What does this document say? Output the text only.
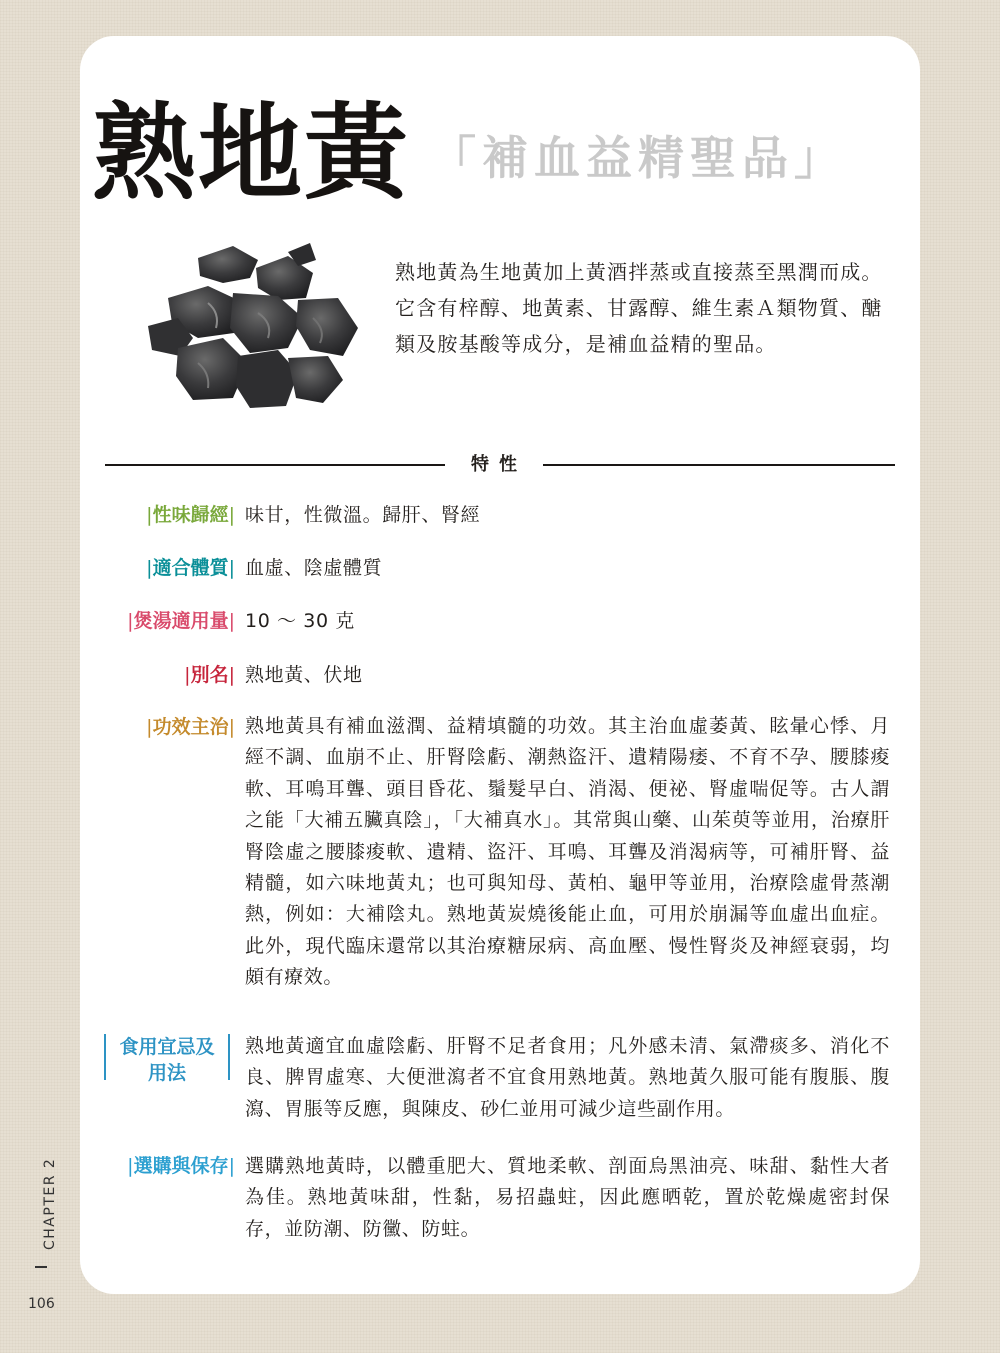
熟地黃 「補血益精聖品」

熟地黃為生地黃加上黃酒拌蒸或直接蒸至黑潤而成。它含有梓醇、地黃素、甘露醇、維生素Ａ類物質、醣類及胺基酸等成分，是補血益精的聖品。

特性
|性味歸經| 味甘，性微溫。歸肝、腎經
|適合體質| 血虛、陰虛體質
|煲湯適用量| 10 ～ 30 克
|別名| 熟地黃、伏地
|功效主治| 熟地黃具有補血滋潤、益精填髓的功效。其主治血虛萎黃、眩暈心悸、月經不調、血崩不止、肝腎陰虧、潮熱盜汗、遺精陽痿、不育不孕、腰膝痠軟、耳鳴耳聾、頭目昏花、鬚髮早白、消渴、便祕、腎虛喘促等。古人謂之能「大補五臟真陰」，「大補真水」。其常與山藥、山茱萸等並用，治療肝腎陰虛之腰膝痠軟、遺精、盜汗、耳鳴、耳聾及消渴病等，可補肝腎、益精髓，如六味地黃丸；也可與知母、黃柏、龜甲等並用，治療陰虛骨蒸潮熱，例如：大補陰丸。熟地黃炭燒後能止血，可用於崩漏等血虛出血症。此外，現代臨床還常以其治療糖尿病、高血壓、慢性腎炎及神經衰弱，均頗有療效。
食用宜忌及
用法
熟地黃適宜血虛陰虧、肝腎不足者食用；凡外感未清、氣滯痰多、消化不良、脾胃虛寒、大便泄瀉者不宜食用熟地黃。熟地黃久服可能有腹脹、腹瀉、胃脹等反應，與陳皮、砂仁並用可減少這些副作用。
|選購與保存| 選購熟地黃時，以體重肥大、質地柔軟、剖面烏黑油亮、味甜、黏性大者為佳。熟地黃味甜，性黏，易招蟲蛀，因此應晒乾，置於乾燥處密封保存，並防潮、防黴、防蛀。
CHAPTER 2
106
